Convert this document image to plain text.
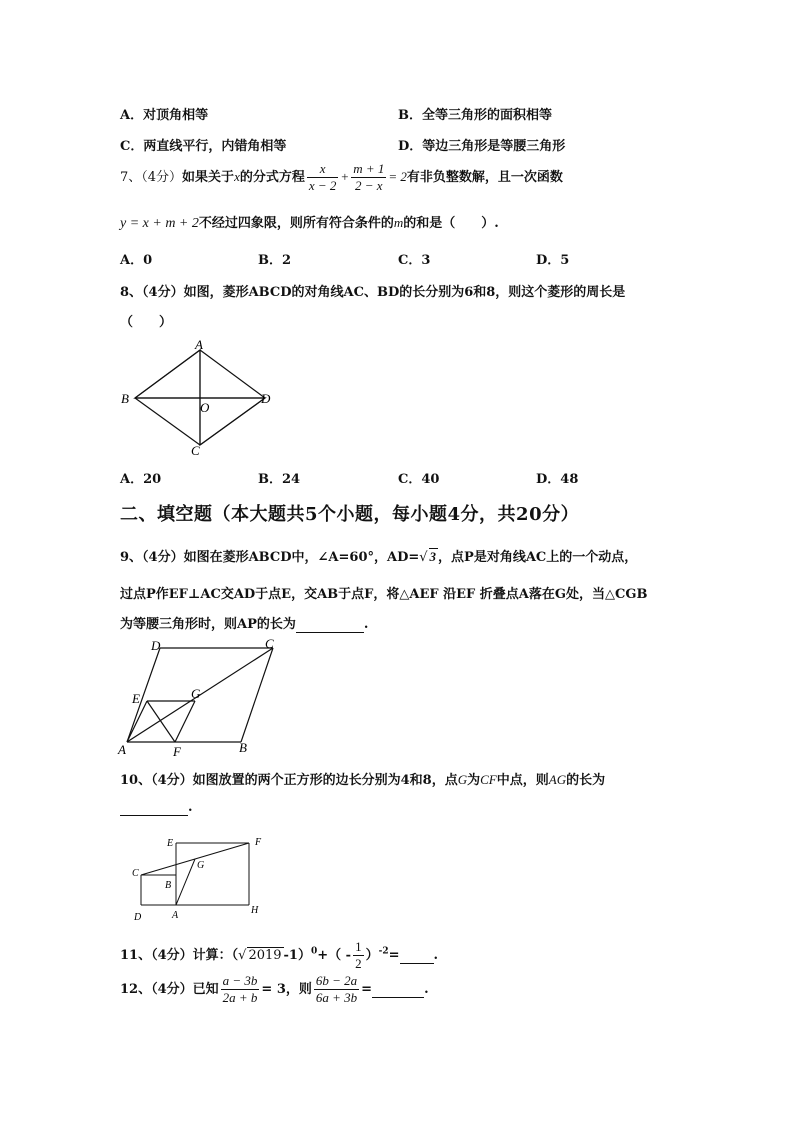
A．对顶角相等	B．全等三角形的面积相等
C．两直线平行，内错角相等	D．等边三角形是等腰三角形
7、（4分）如果关于x的分式方程 $\frac{x}{x - 2} + \frac{m + 1}{2 - x} = 2$有非负整数解，且一次函数
y = x + m + 2不经过四象限，则所有符合条件的m的和是（　　）.
A．0	B．2	C．3	D．5
8、（4分）如图，菱形ABCD的对角线AC、BD的长分别为6和8，则这个菱形的周长是
（　　）
A
B	D
O
C
A．20	B．24	C．40	D．48
二、填空题（本大题共5个小题，每小题4分，共20分）
9、（4分）如图在菱形ABCD中，∠A=60°，AD=√ 3 ，点P是对角线AC上的一个动点，
过点P作EF⊥AC交AD于点E，交AB于点F，将△AEF 沿EF 折叠点A落在G处，当△CGB
为等腰三角形时，则AP的长为	.
D	C
E	G
A	F	B
10、（4分）如图放置的两个正方形的边长分别为4和8，点G为CF中点，则AG的长为
.
E	F
C
G
B
D	A	H
11、（4分）计算：（√ 2019 $-1)^0+( - \frac{1}{2} )^{-2}=$	.
12、（4分）已知 $\frac{a - 3b}{2a + b} = 3$，则 $\frac{6b - 2a}{6a + 3b}$ =	.
